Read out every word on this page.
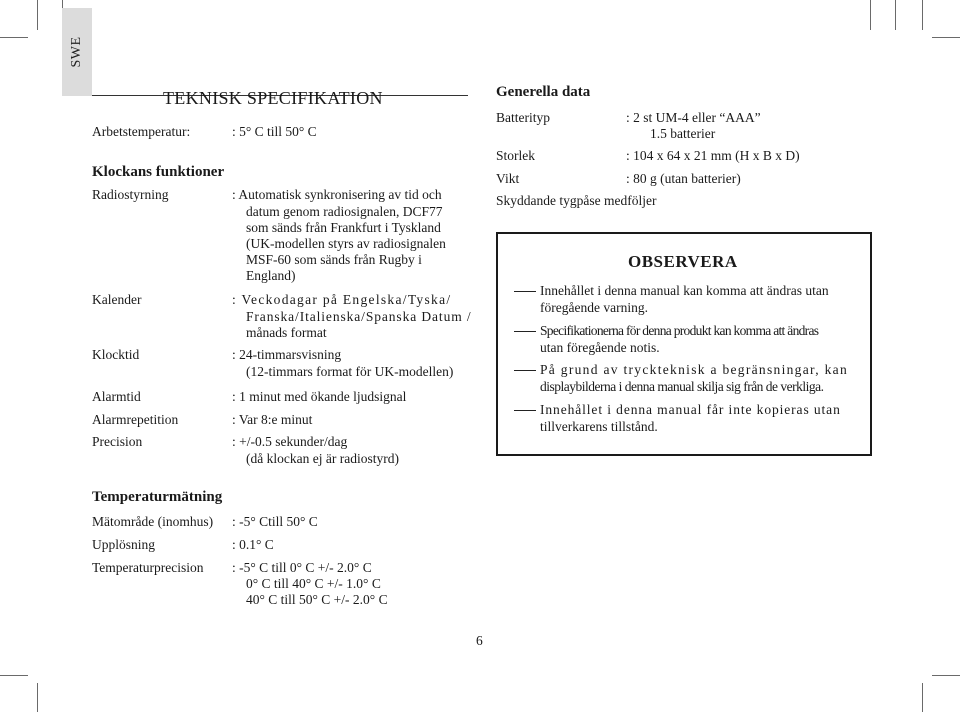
SWE
TEKNISK SPECIFIKATION
Arbetstemperatur:	: 5° C till 50° C
Klockans funktioner
Radiostyrning	: Automatisk synkronisering av tid och
datum genom radiosignalen, DCF77
som sänds från Frankfurt i Tyskland
(UK-modellen styrs av radiosignalen
MSF-60 som sänds från Rugby i
England)
Kalender	: Veckodagar på Engelska/Tyska/
Franska/Italienska/Spanska Datum /
månads format
Klocktid	: 24-timmarsvisning
(12-timmars format för UK-modellen)
Alarmtid	: 1 minut med ökande ljudsignal
Alarmrepetition	: Var 8:e minut
Precision	: +/-0.5 sekunder/dag
(då klockan ej är radiostyrd)
Temperaturmätning
Mätområde (inomhus) : -5° Ctill 50° C
Upplösning	: 0.1° C
Temperaturprecision : -5° C till 0° C +/- 2.0° C
0° C till 40° C +/- 1.0° C
40° C till 50° C +/- 2.0° C
Generella data
Batterityp	: 2 st UM-4 eller “AAA”
1.5 batterier
Storlek	: 104 x 64 x 21 mm (H x B x D)
Vikt	: 80 g (utan batterier)
Skyddande tygpåse medföljer
OBSERVERA
Innehållet i denna manual kan komma att ändras utan
föregående varning.
Specifikationerna för denna produkt kan komma att ändras
utan föregående notis.
På grund av tryckteknisk a begränsningar, kan
displaybilderna i denna manual skilja sig från de verkliga.
Innehållet i denna manual får inte kopieras utan
tillverkarens tillstånd.
6
